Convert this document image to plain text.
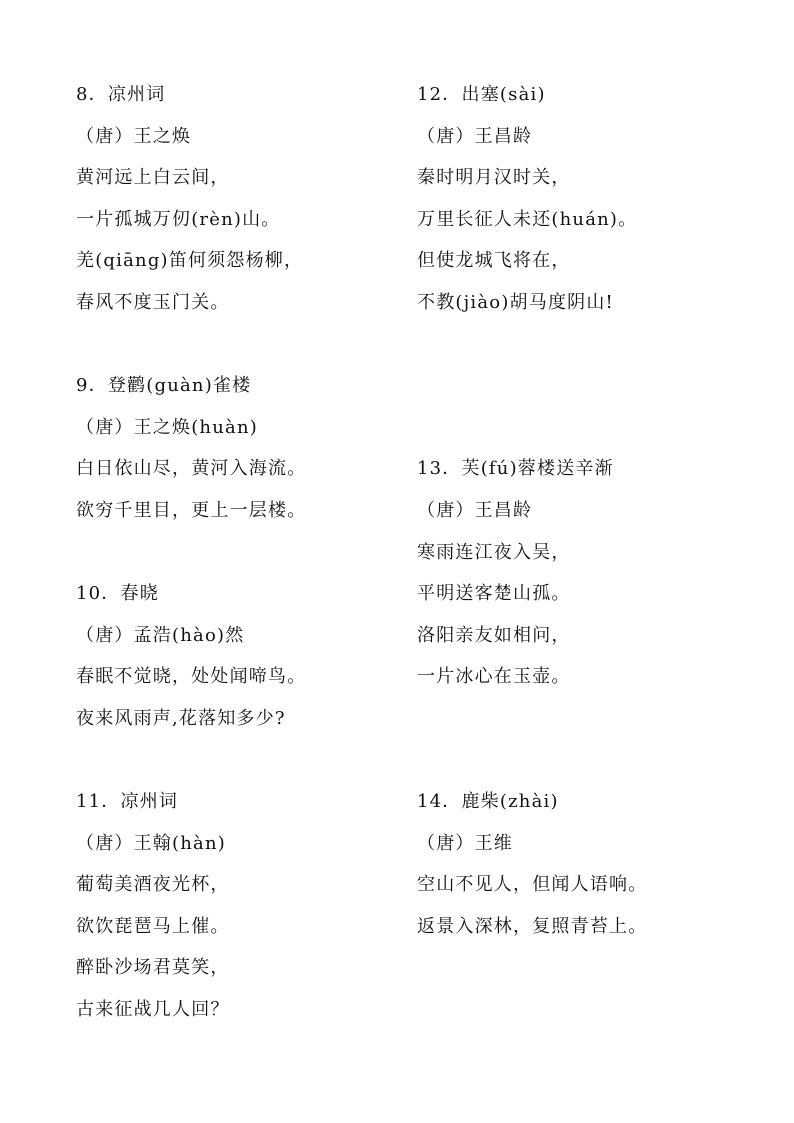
8．凉州词
（唐）王之焕
黄河远上白云间，
一片孤城万仞(rèn)山。
羌(qiāng)笛何须怨杨柳，
春风不度玉门关。
9．登鹳(guàn)雀楼
（唐）王之焕(huàn)
白日依山尽，黄河入海流。
欲穷千里目，更上一层楼。
10．春晓
（唐）孟浩(hào)然
春眠不觉晓，处处闻啼鸟。
夜来风雨声,花落知多少?
11．凉州词
（唐）王翰(hàn)
葡萄美酒夜光杯，
欲饮琵琶马上催。
醉卧沙场君莫笑，
古来征战几人回？
12．出塞(sài)
（唐）王昌龄
秦时明月汉时关，
万里长征人未还(huán)。
但使龙城飞将在，
不教(jiào)胡马度阴山!
13．芙(fú)蓉楼送辛渐
（唐）王昌龄
寒雨连江夜入吴，
平明送客楚山孤。
洛阳亲友如相问，
一片冰心在玉壶。
14．鹿柴(zhài)
（唐）王维
空山不见人，但闻人语响。
返景入深林，复照青苔上。
